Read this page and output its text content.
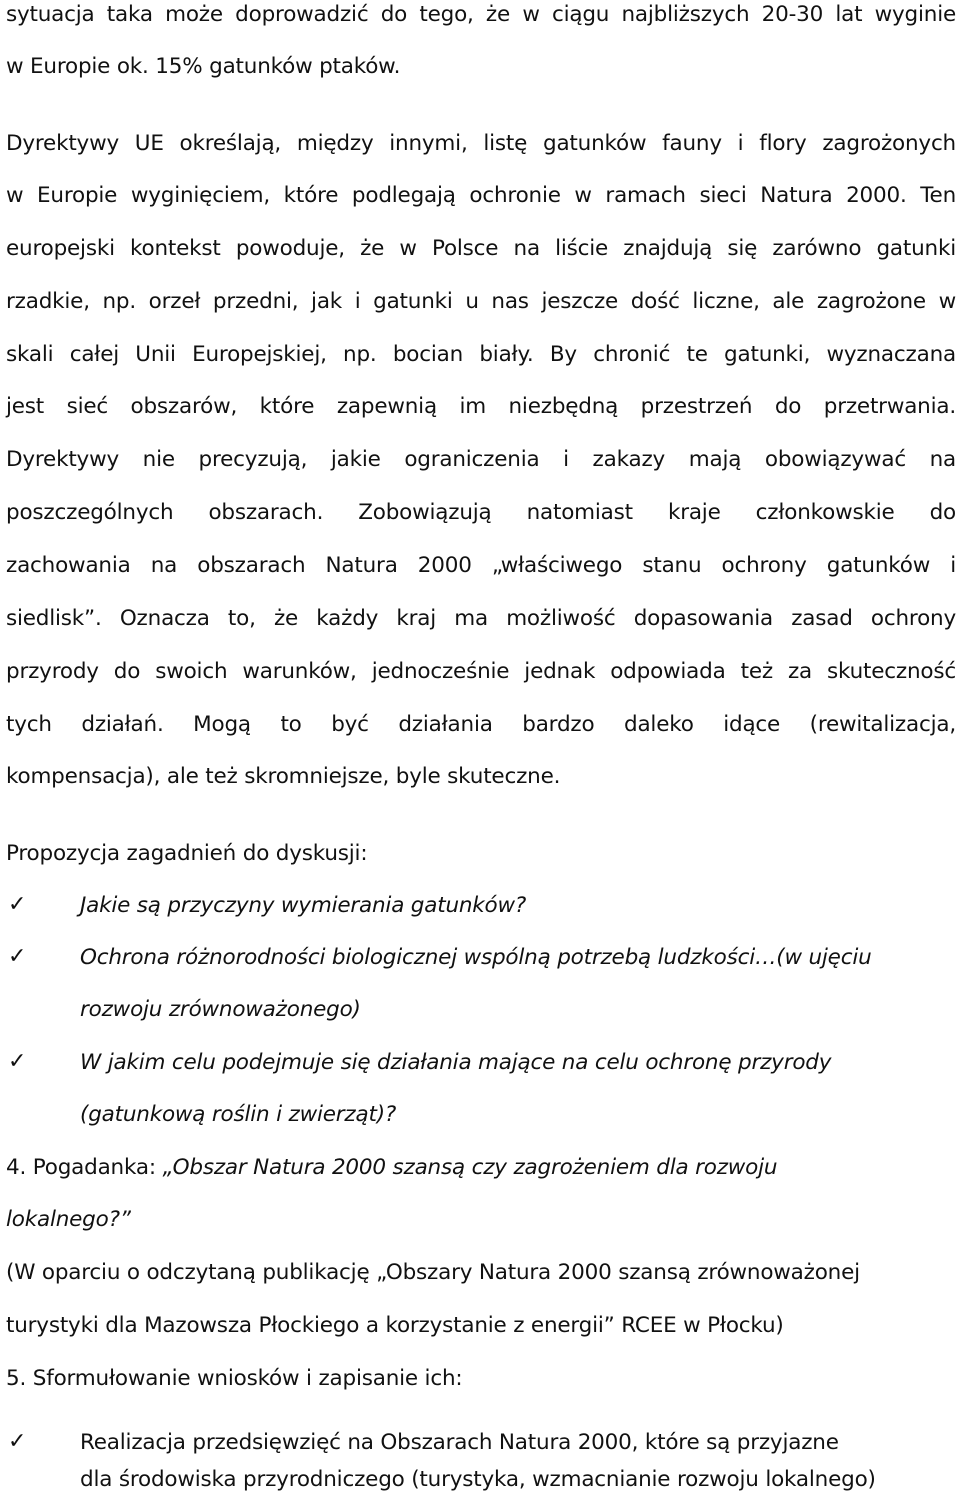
sytuacja taka może doprowadzić do tego, że w ciągu najbliższych 20-30 lat wyginie

w Europie ok. 15% gatunków ptaków.

Dyrektywy UE określają, między innymi, listę gatunków fauny i flory zagrożonych

w Europie wyginięciem, które podlegają ochronie w ramach sieci Natura 2000. Ten

europejski kontekst powoduje, że w Polsce na liście znajdują się zarówno gatunki

rzadkie, np. orzeł przedni, jak i gatunki u nas jeszcze dość liczne, ale zagrożone w

skali całej Unii Europejskiej, np. bocian biały. By chronić te gatunki, wyznaczana

jest sieć obszarów, które zapewnią im niezbędną przestrzeń do przetrwania.

Dyrektywy nie precyzują, jakie ograniczenia i zakazy mają obowiązywać na

poszczególnych obszarach. Zobowiązują natomiast kraje członkowskie do

zachowania na obszarach Natura 2000 „właściwego stanu ochrony gatunków i

siedlisk”. Oznacza to, że każdy kraj ma możliwość dopasowania zasad ochrony

przyrody do swoich warunków, jednocześnie jednak odpowiada też za skuteczność

tych działań. Mogą to być działania bardzo daleko idące (rewitalizacja,

kompensacja), ale też skromniejsze, byle skuteczne.

Propozycja zagadnień do dyskusji:

✓ Jakie są przyczyny wymierania gatunków?

✓ Ochrona różnorodności biologicznej wspólną potrzebą ludzkości…(w ujęciu

rozwoju zrównoważonego)

✓ W jakim celu podejmuje się działania mające na celu ochronę przyrody

(gatunkową roślin i zwierząt)?

4. Pogadanka: „Obszar Natura 2000 szansą czy zagrożeniem dla rozwoju

lokalnego?”

(W oparciu o odczytaną publikację „Obszary Natura 2000 szansą zrównoważonej

turystyki dla Mazowsza Płockiego a korzystanie z energii” RCEE w Płocku)

5. Sformułowanie wniosków i zapisanie ich:

✓ Realizacja przedsięwzięć na Obszarach Natura 2000, które są przyjazne

dla środowiska przyrodniczego (turystyka, wzmacnianie rozwoju lokalnego)
